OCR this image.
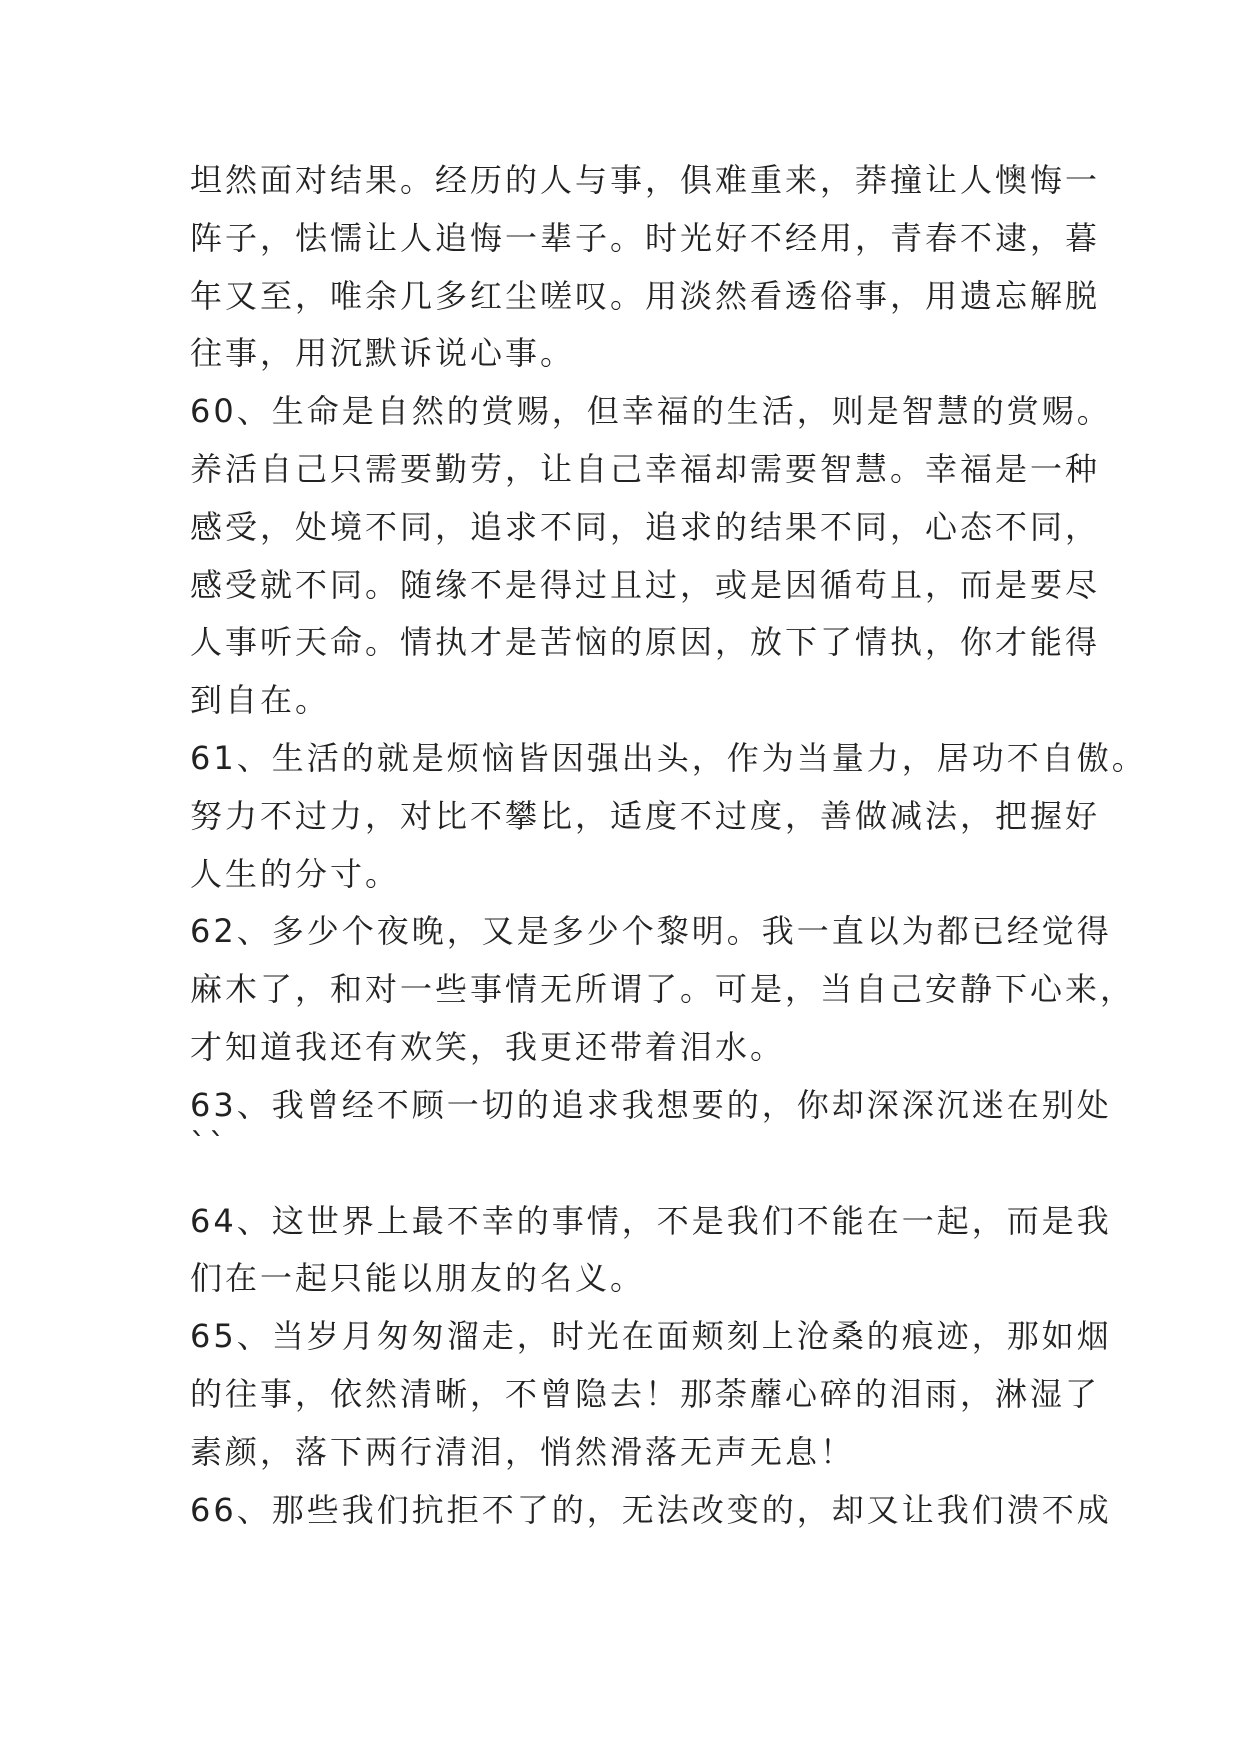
坦然面对结果。经历的人与事，俱难重来，莽撞让人懊悔一
阵子，怯懦让人追悔一辈子。时光好不经用，青春不逮，暮
年又至，唯余几多红尘嗟叹。用淡然看透俗事，用遗忘解脱
往事，用沉默诉说心事。
60、生命是自然的赏赐，但幸福的生活，则是智慧的赏赐。
养活自己只需要勤劳，让自己幸福却需要智慧。幸福是一种
感受，处境不同，追求不同，追求的结果不同，心态不同，
感受就不同。随缘不是得过且过，或是因循苟且，而是要尽
人事听天命。情执才是苦恼的原因，放下了情执，你才能得
到自在。
61、生活的就是烦恼皆因强出头，作为当量力，居功不自傲。
努力不过力，对比不攀比，适度不过度，善做减法，把握好
人生的分寸。
62、多少个夜晚，又是多少个黎明。我一直以为都已经觉得
麻木了，和对一些事情无所谓了。可是，当自己安静下心来，
才知道我还有欢笑，我更还带着泪水。
63、我曾经不顾一切的追求我想要的，你却深深沉迷在别处
``
64、这世界上最不幸的事情，不是我们不能在一起，而是我
们在一起只能以朋友的名义。
65、当岁月匆匆溜走，时光在面颊刻上沧桑的痕迹，那如烟
的往事，依然清晰，不曾隐去！那荼蘼心碎的泪雨，淋湿了
素颜，落下两行清泪，悄然滑落无声无息！
66、那些我们抗拒不了的，无法改变的，却又让我们溃不成
